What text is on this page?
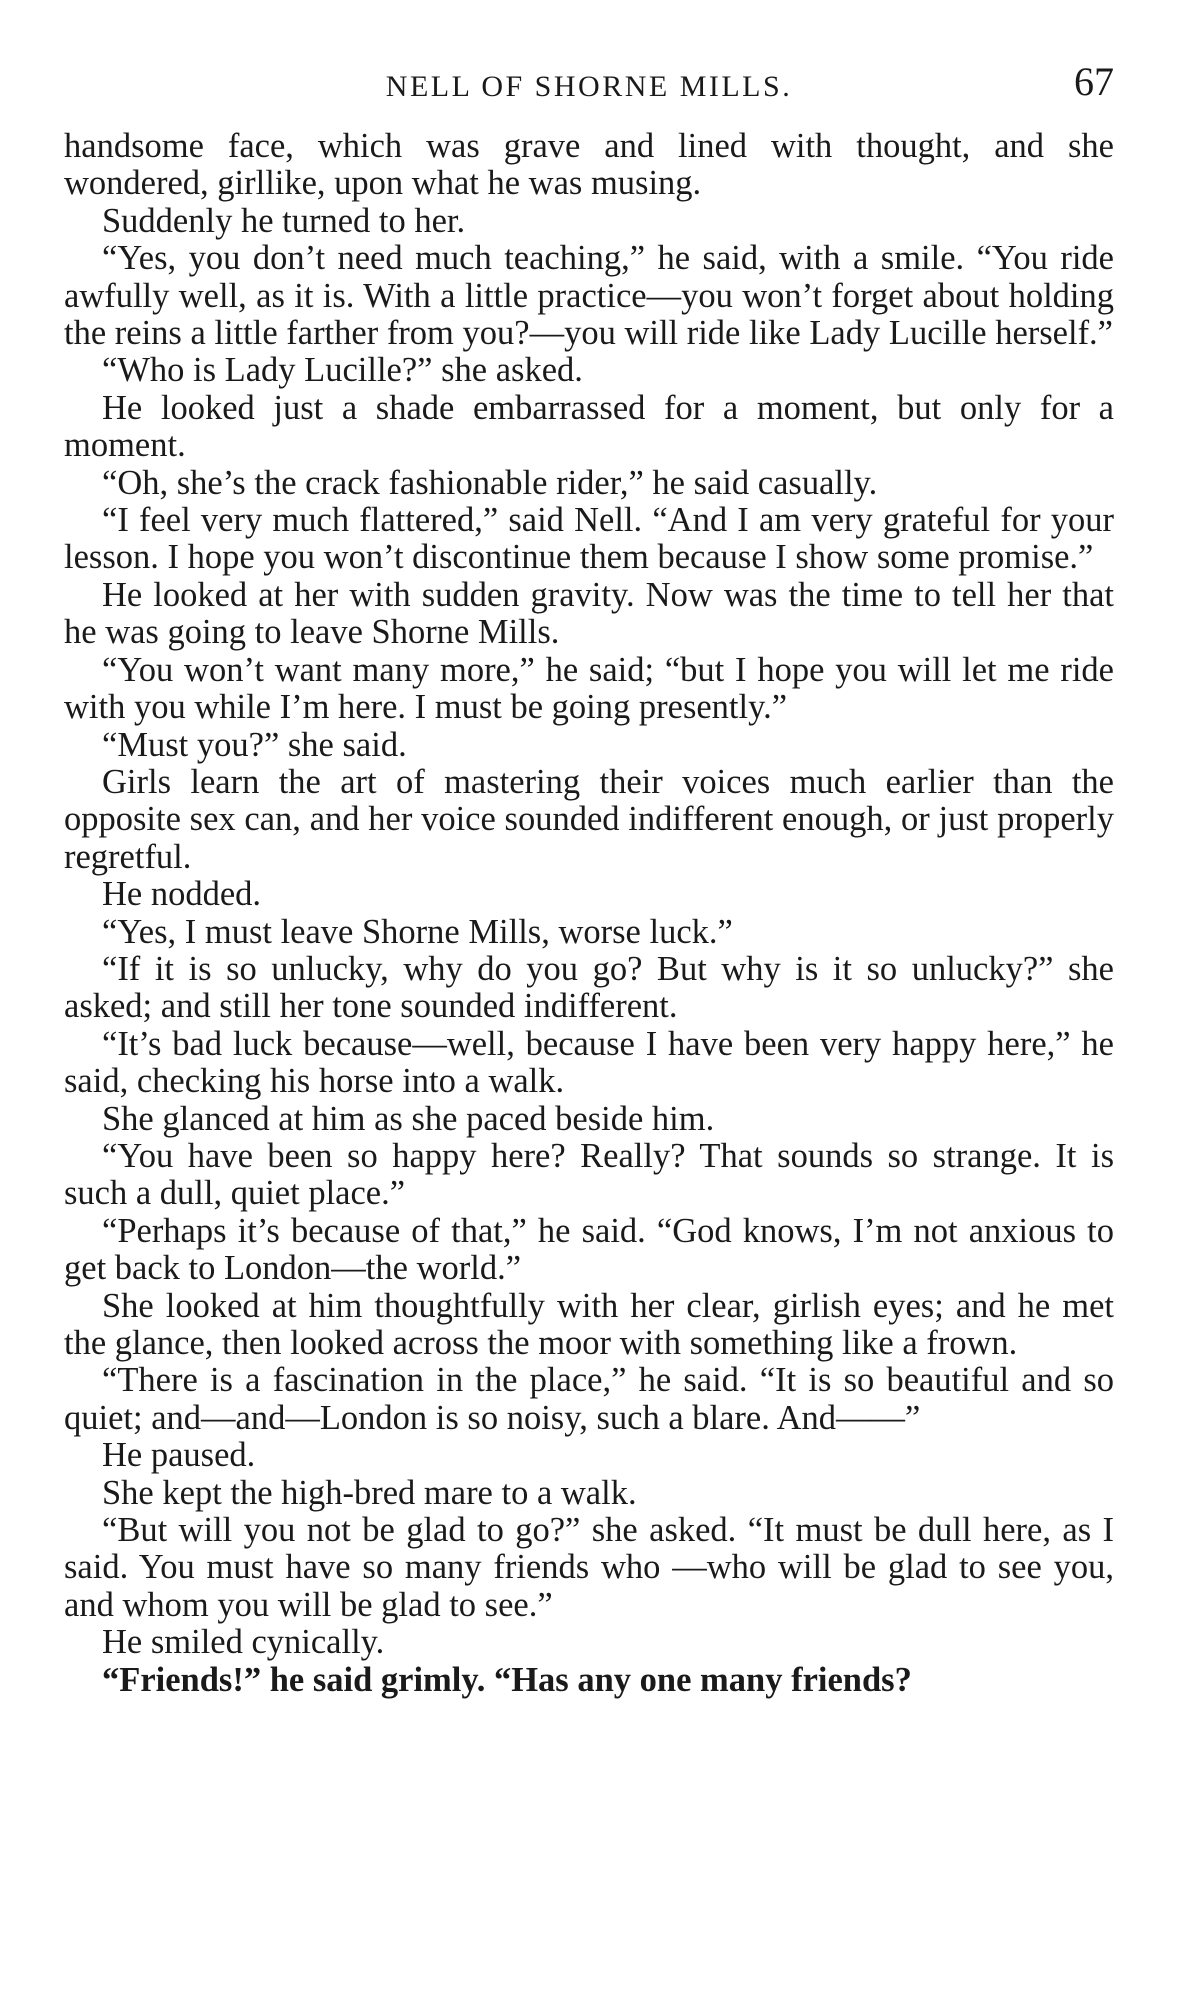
NELL OF SHORNE MILLS.	67

handsome face, which was grave and lined with thought, and she wondered, girllike, upon what he was musing.

Suddenly he turned to her.

“Yes, you don’t need much teaching,” he said, with a smile. “You ride awfully well, as it is. With a little practice—you won’t forget about holding the reins a little farther from you?—you will ride like Lady Lucille herself.”

“Who is Lady Lucille?” she asked.

He looked just a shade embarrassed for a moment, but only for a moment.

“Oh, she’s the crack fashionable rider,” he said casually.

“I feel very much flattered,” said Nell. “And I am very grateful for your lesson. I hope you won’t discontinue them because I show some promise.”

He looked at her with sudden gravity. Now was the time to tell her that he was going to leave Shorne Mills.

“You won’t want many more,” he said; “but I hope you will let me ride with you while I’m here. I must be going presently.”

“Must you?” she said.

Girls learn the art of mastering their voices much earlier than the opposite sex can, and her voice sounded indifferent enough, or just properly regretful.

He nodded.

“Yes, I must leave Shorne Mills, worse luck.”

“If it is so unlucky, why do you go? But why is it so unlucky?” she asked; and still her tone sounded indifferent.

“It’s bad luck because—well, because I have been very happy here,” he said, checking his horse into a walk.

She glanced at him as she paced beside him.

“You have been so happy here? Really? That sounds so strange. It is such a dull, quiet place.”

“Perhaps it’s because of that,” he said. “God knows, I’m not anxious to get back to London—the world.”

She looked at him thoughtfully with her clear, girlish eyes; and he met the glance, then looked across the moor with something like a frown.

“There is a fascination in the place,” he said. “It is so beautiful and so quiet; and—and—London is so noisy, such a blare. And——”

He paused.

She kept the high-bred mare to a walk.

“But will you not be glad to go?” she asked. “It must be dull here, as I said. You must have so many friends who —who will be glad to see you, and whom you will be glad to see.”

He smiled cynically.

“Friends!” he said grimly. “Has any one many friends?
